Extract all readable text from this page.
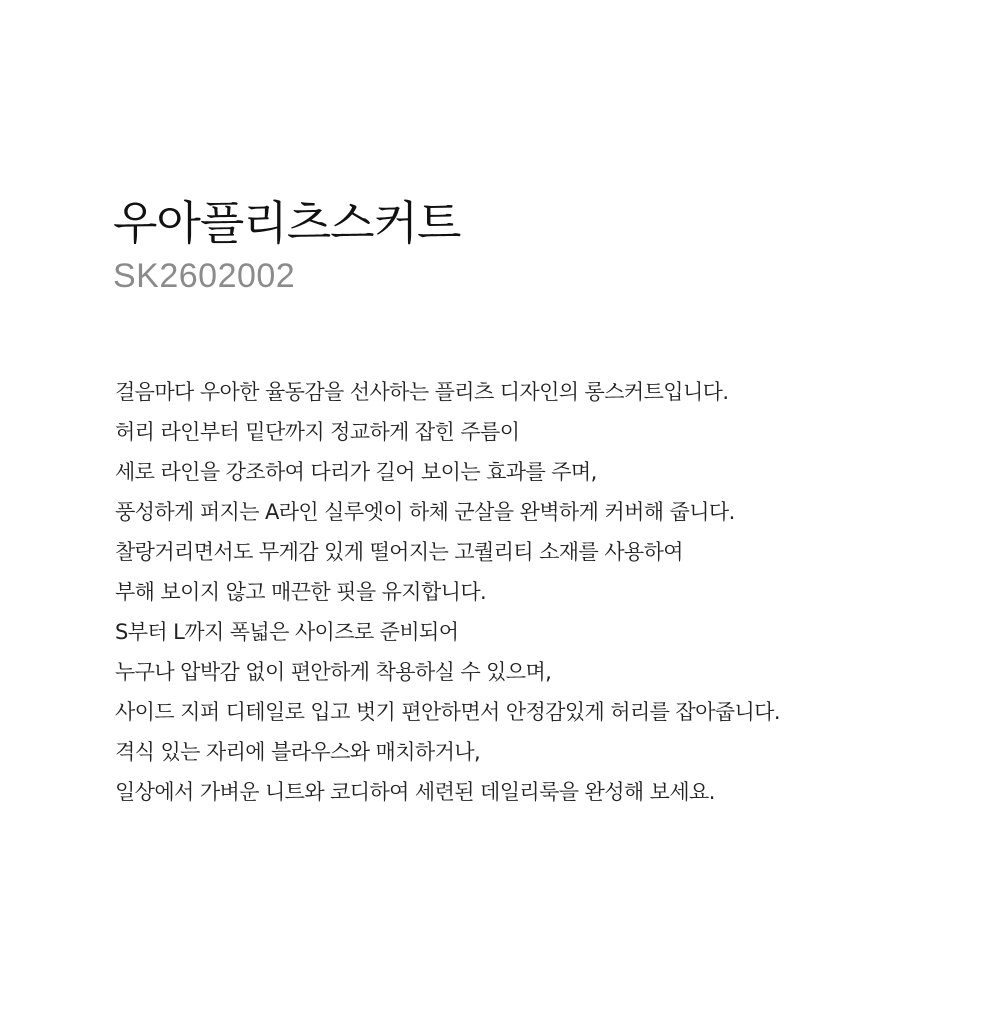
우아플리츠스커트
SK2602002
걸음마다 우아한 율동감을 선사하는 플리츠 디자인의 롱스커트입니다.
허리 라인부터 밑단까지 정교하게 잡힌 주름이
세로 라인을 강조하여 다리가 길어 보이는 효과를 주며,
풍성하게 퍼지는 A라인 실루엣이 하체 군살을 완벽하게 커버해 줍니다.
찰랑거리면서도 무게감 있게 떨어지는 고퀄리티 소재를 사용하여
부해 보이지 않고 매끈한 핏을 유지합니다.
S부터 L까지 폭넓은 사이즈로 준비되어
누구나 압박감 없이 편안하게 착용하실 수 있으며,
사이드 지퍼 디테일로 입고 벗기 편안하면서 안정감있게 허리를 잡아줍니다.
격식 있는 자리에 블라우스와 매치하거나,
일상에서 가벼운 니트와 코디하여 세련된 데일리룩을 완성해 보세요.
